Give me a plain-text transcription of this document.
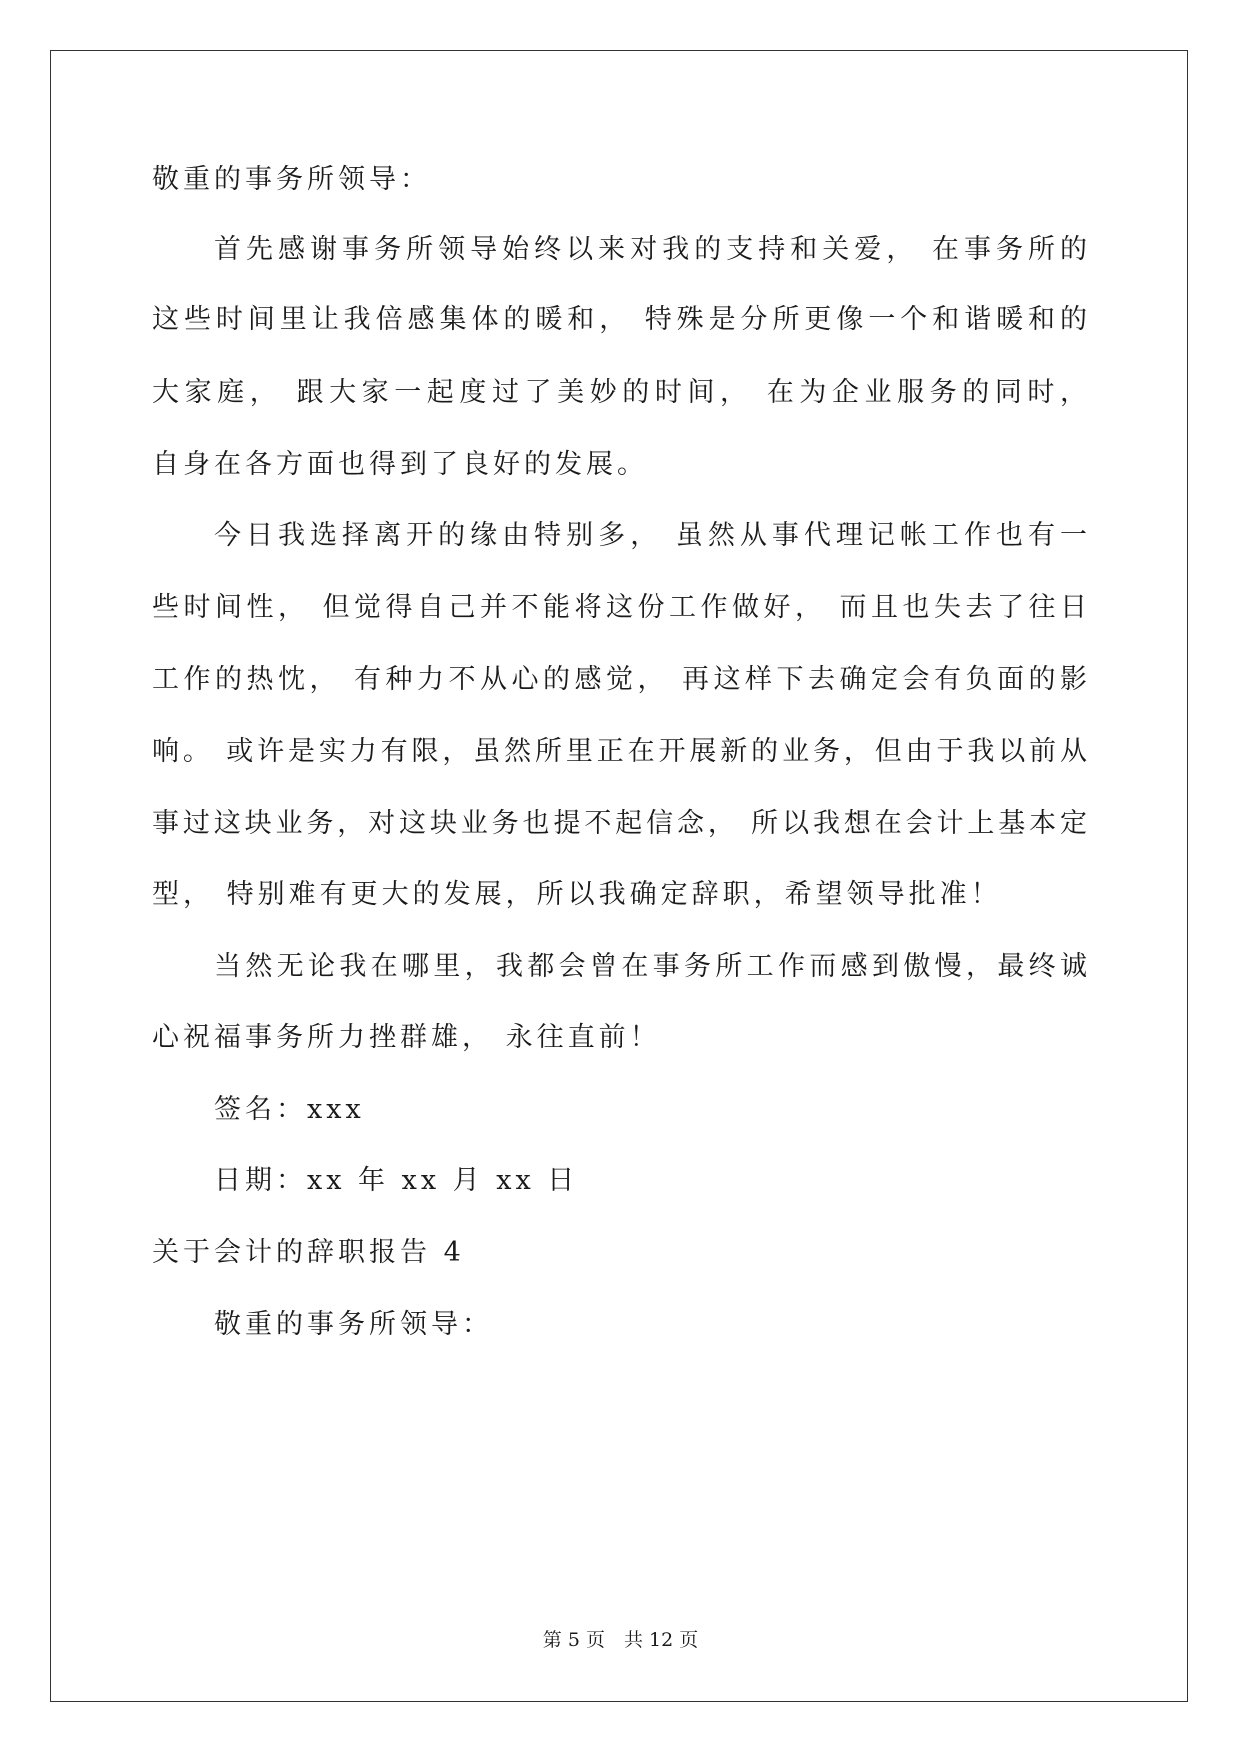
敬重的事务所领导：
首先感谢事务所领导始终以来对我的支持和关爱， 在事务所的
这些时间里让我倍感集体的暖和， 特殊是分所更像一个和谐暖和的
大家庭， 跟大家一起度过了美妙的时间， 在为企业服务的同时，
自身在各方面也得到了良好的发展。
今日我选择离开的缘由特别多， 虽然从事代理记帐工作也有一
些时间性， 但觉得自己并不能将这份工作做好， 而且也失去了往日
工作的热忱， 有种力不从心的感觉， 再这样下去确定会有负面的影
响。 或许是实力有限，虽然所里正在开展新的业务，但由于我以前从
事过这块业务，对这块业务也提不起信念， 所以我想在会计上基本定
型， 特别难有更大的发展，所以我确定辞职，希望领导批准！
当然无论我在哪里，我都会曾在事务所工作而感到傲慢，最终诚
心祝福事务所力挫群雄， 永往直前！
签名：xxx
日期：xx 年 xx 月 xx 日
关于会计的辞职报告 4
敬重的事务所领导：
第 5 页　共 12 页
